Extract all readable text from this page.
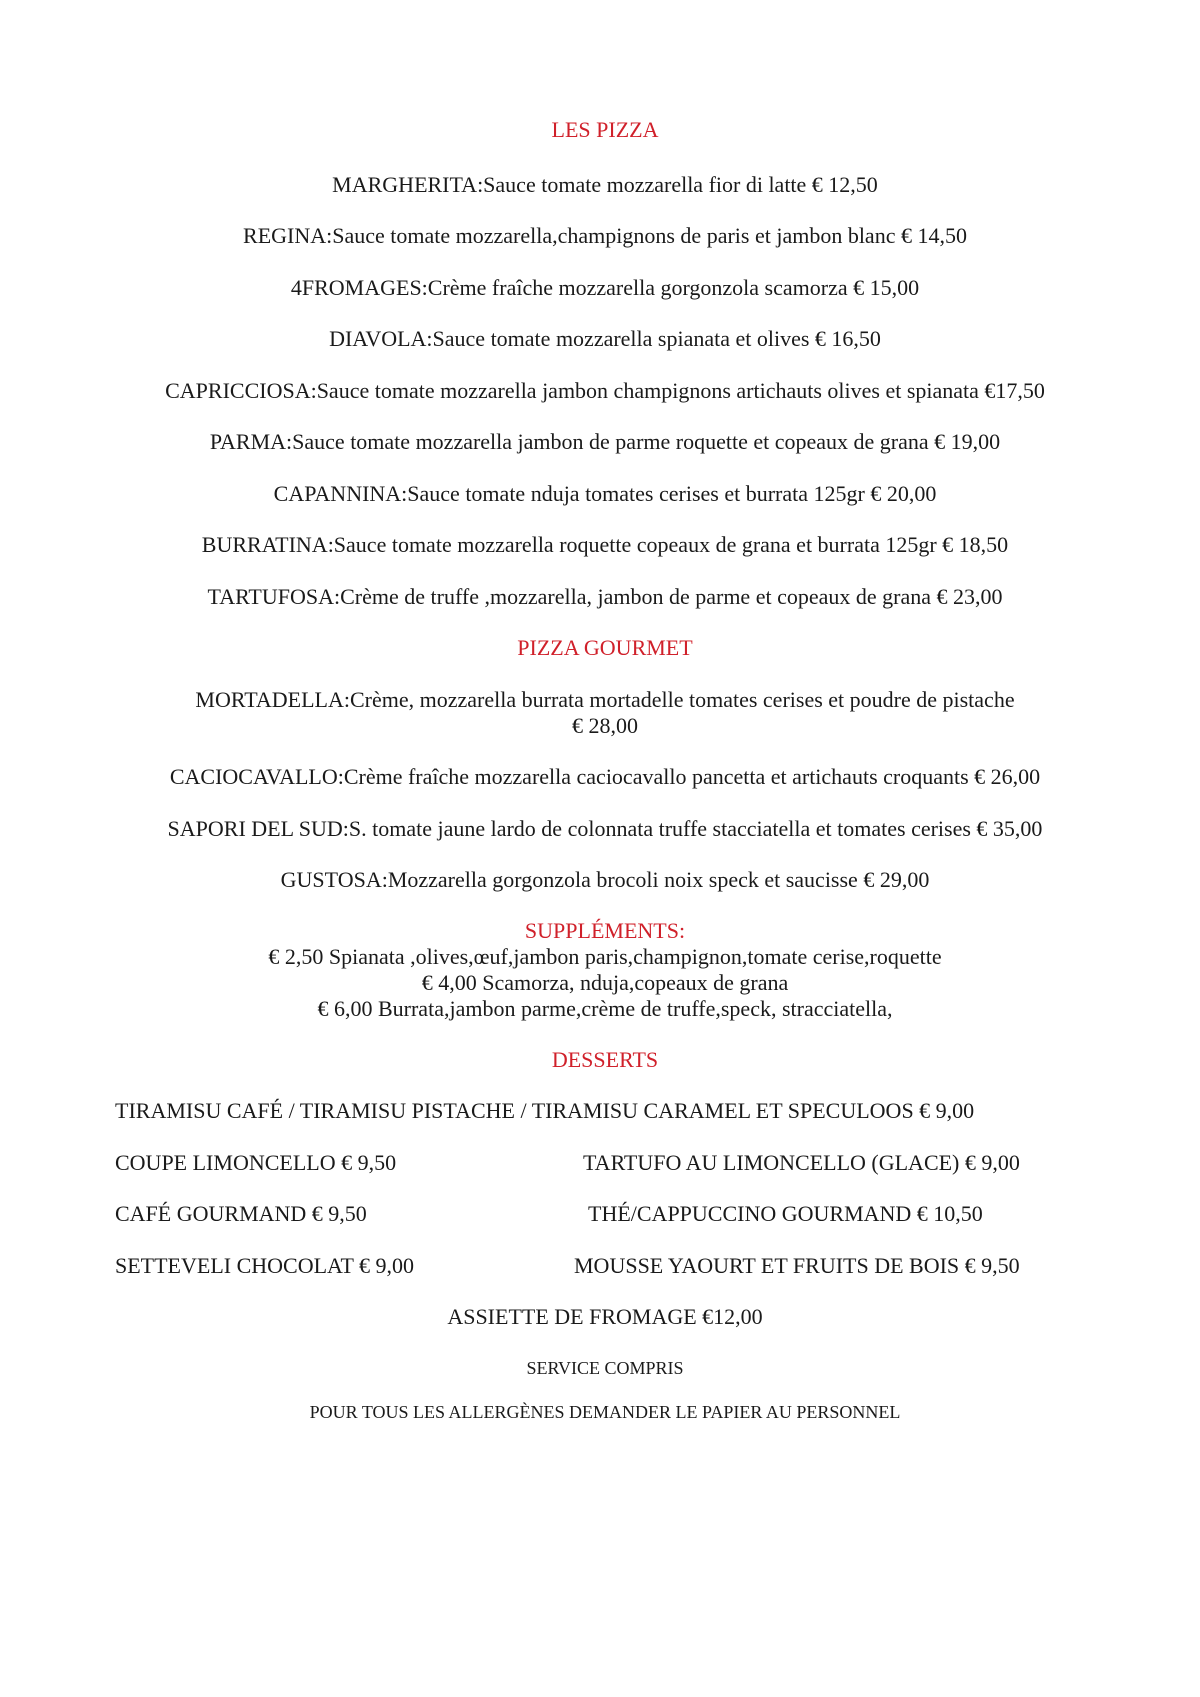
LES PIZZA
MARGHERITA:Sauce tomate mozzarella fior di latte € 12,50
REGINA:Sauce tomate mozzarella,champignons de paris et jambon blanc € 14,50
4FROMAGES:Crème fraîche mozzarella gorgonzola scamorza € 15,00
DIAVOLA:Sauce tomate mozzarella spianata et olives € 16,50
CAPRICCIOSA:Sauce tomate mozzarella jambon champignons artichauts olives et spianata €17,50
PARMA:Sauce tomate mozzarella jambon de parme roquette et copeaux de grana € 19,00
CAPANNINA:Sauce tomate nduja tomates cerises et burrata 125gr € 20,00
BURRATINA:Sauce tomate mozzarella roquette copeaux de grana et burrata 125gr € 18,50
TARTUFOSA:Crème de truffe ,mozzarella, jambon de parme et copeaux de grana € 23,00
PIZZA GOURMET
MORTADELLA:Crème, mozzarella burrata mortadelle tomates cerises et poudre de pistache
€ 28,00
CACIOCAVALLO:Crème fraîche mozzarella caciocavallo pancetta et artichauts croquants € 26,00
SAPORI DEL SUD:S. tomate jaune lardo de colonnata truffe stacciatella et tomates cerises € 35,00
GUSTOSA:Mozzarella gorgonzola brocoli noix speck et saucisse € 29,00
SUPPLÉMENTS:
€ 2,50 Spianata ,olives,œuf,jambon paris,champignon,tomate cerise,roquette
€ 4,00 Scamorza, nduja,copeaux de grana
€ 6,00 Burrata,jambon parme,crème de truffe,speck, stracciatella,
DESSERTS
TIRAMISU CAFÉ / TIRAMISU PISTACHE / TIRAMISU CARAMEL ET SPECULOOS € 9,00
COUPE LIMONCELLO € 9,50	TARTUFO AU LIMONCELLO (GLACE) € 9,00
CAFÉ GOURMAND € 9,50	THÉ/CAPPUCCINO GOURMAND € 10,50
SETTEVELI CHOCOLAT € 9,00	MOUSSE YAOURT ET FRUITS DE BOIS € 9,50
ASSIETTE DE FROMAGE €12,00
SERVICE COMPRIS
POUR TOUS LES ALLERGÈNES DEMANDER LE PAPIER AU PERSONNEL
